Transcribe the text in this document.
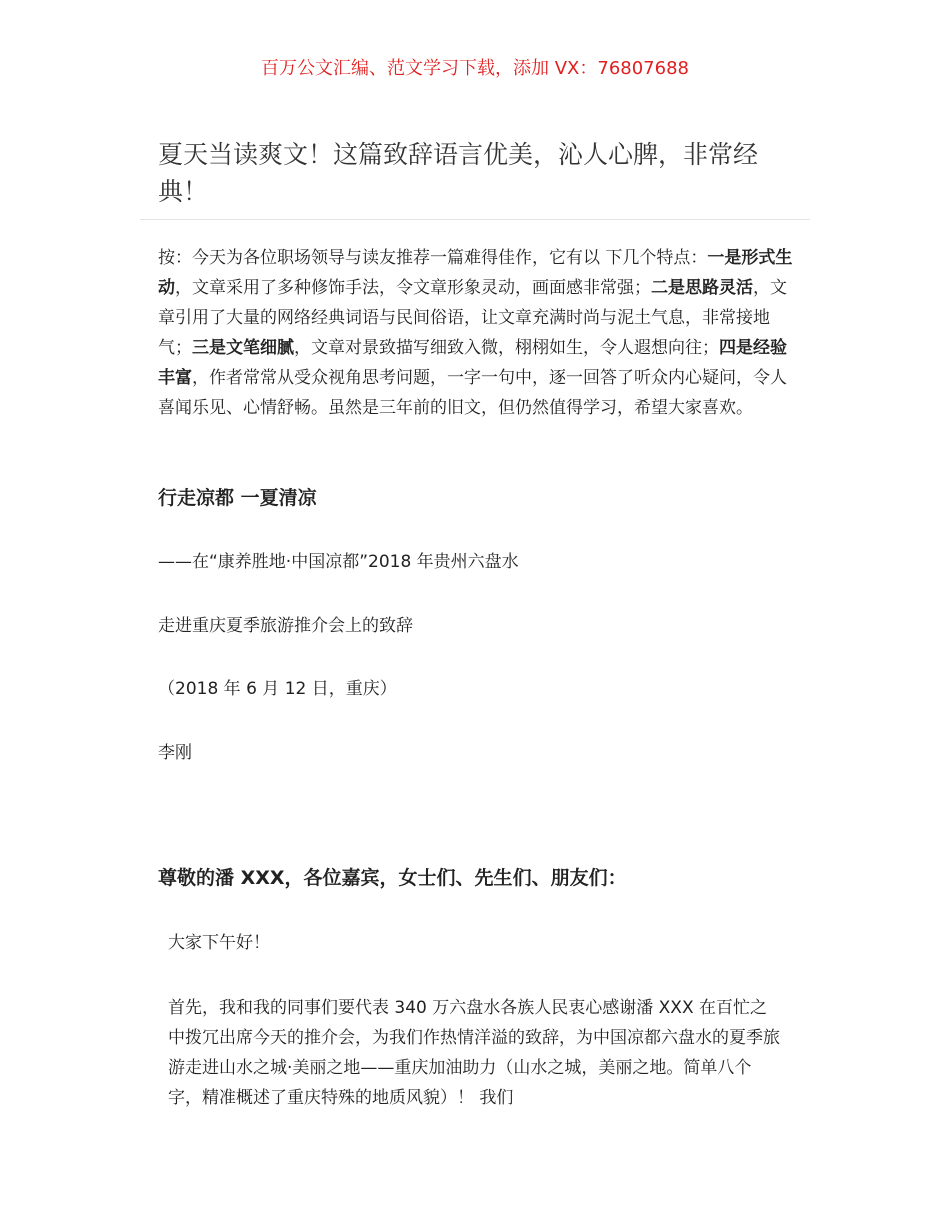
百万公文汇编、范文学习下载，添加 VX：76807688
夏天当读爽文！这篇致辞语言优美，沁人心脾，非常经典！

按：今天为各位职场领导与读友推荐一篇难得佳作，它有以 下几个特点：一是形式生动，文章采用了多种修饰手法，令文章形象灵动，画面感非常强；二是思路灵活，文章引用了大量的网络经典词语与民间俗语，让文章充满时尚与泥土气息，非常接地气；三是文笔细腻，文章对景致描写细致入微，栩栩如生，令人遐想向往；四是经验丰富，作者常常从受众视角思考问题，一字一句中，逐一回答了听众内心疑问，令人喜闻乐见、心情舒畅。虽然是三年前的旧文，但仍然值得学习，希望大家喜欢。

行走凉都 一夏清凉

——在“康养胜地·中国凉都”2018 年贵州六盘水

走进重庆夏季旅游推介会上的致辞

（2018 年 6 月 12 日，重庆）

李刚

尊敬的潘 XXX，各位嘉宾，女士们、先生们、朋友们：

大家下午好！

首先，我和我的同事们要代表 340 万六盘水各族人民衷心感谢潘 XXX 在百忙之中拨冗出席今天的推介会，为我们作热情洋溢的致辞，为中国凉都六盘水的夏季旅游走进山水之城·美丽之地——重庆加油助力（山水之城，美丽之地。简单八个字，精准概述了重庆特殊的地质风貌）！ 我们
